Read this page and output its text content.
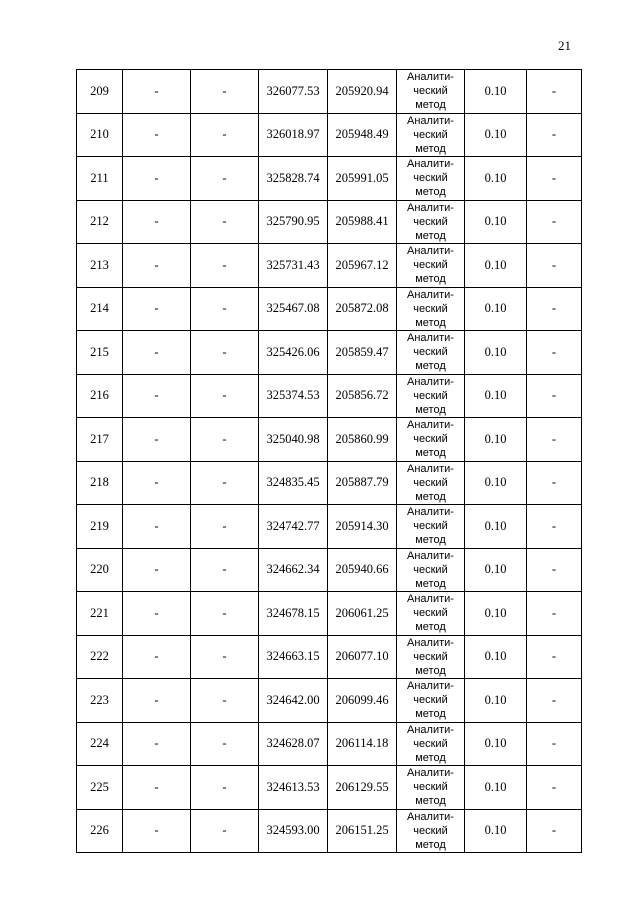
21
209	-	-	326077.53	205920.94	Аналити-
ческий
метод	0.10	-
210	-	-	326018.97	205948.49	Аналити-
ческий
метод	0.10	-
211	-	-	325828.74	205991.05	Аналити-
ческий
метод	0.10	-
212	-	-	325790.95	205988.41	Аналити-
ческий
метод	0.10	-
213	-	-	325731.43	205967.12	Аналити-
ческий
метод	0.10	-
214	-	-	325467.08	205872.08	Аналити-
ческий
метод	0.10	-
215	-	-	325426.06	205859.47	Аналити-
ческий
метод	0.10	-
216	-	-	325374.53	205856.72	Аналити-
ческий
метод	0.10	-
217	-	-	325040.98	205860.99	Аналити-
ческий
метод	0.10	-
218	-	-	324835.45	205887.79	Аналити-
ческий
метод	0.10	-
219	-	-	324742.77	205914.30	Аналити-
ческий
метод	0.10	-
220	-	-	324662.34	205940.66	Аналити-
ческий
метод	0.10	-
221	-	-	324678.15	206061.25	Аналити-
ческий
метод	0.10	-
222	-	-	324663.15	206077.10	Аналити-
ческий
метод	0.10	-
223	-	-	324642.00	206099.46	Аналити-
ческий
метод	0.10	-
224	-	-	324628.07	206114.18	Аналити-
ческий
метод	0.10	-
225	-	-	324613.53	206129.55	Аналити-
ческий
метод	0.10	-
226	-	-	324593.00	206151.25	Аналити-
ческий
метод	0.10	-
